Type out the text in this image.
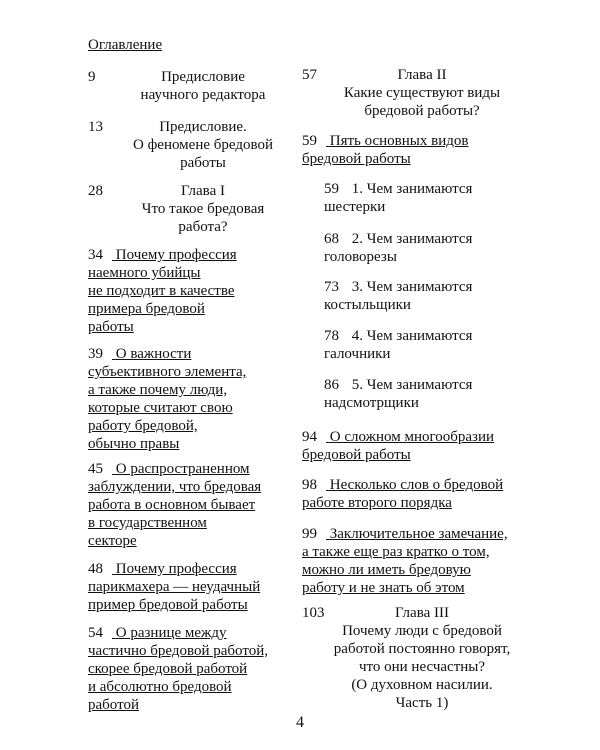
Оглавление
9	Предисловие
научного редактора
13	Предисловие.
О феномене бредовой
работы
28	Глава I
Что такое бредовая
работа?
34 Почему профессия
наемного убийцы
не подходит в качестве
примера бредовой
работы
39 О важности
субъективного элемента,
а также почему люди,
которые считают свою
работу бредовой,
обычно правы
45 О распространенном
заблуждении, что бредовая
работа в основном бывает
в государственном
секторе
48 Почему профессия
парикмахера — неудачный
пример бредовой работы
54 О разнице между
частично бредовой работой,
скорее бредовой работой
и абсолютно бредовой
работой
57	Глава II
Какие существуют виды
бредовой работы?
59 Пять основных видов
бредовой работы
59 1. Чем занимаются
шестерки
68 2. Чем занимаются
головорезы
73 3. Чем занимаются
костыльщики
78 4. Чем занимаются
галочники
86 5. Чем занимаются
надсмотрщики
94 О сложном многообразии
бредовой работы
98 Несколько слов о бредовой
работе второго порядка
99 Заключительное замечание,
а также еще раз кратко о том,
можно ли иметь бредовую
работу и не знать об этом
103	Глава III
Почему люди с бредовой
работой постоянно говорят,
что они несчастны?
(О духовном насилии.
Часть 1)
4
